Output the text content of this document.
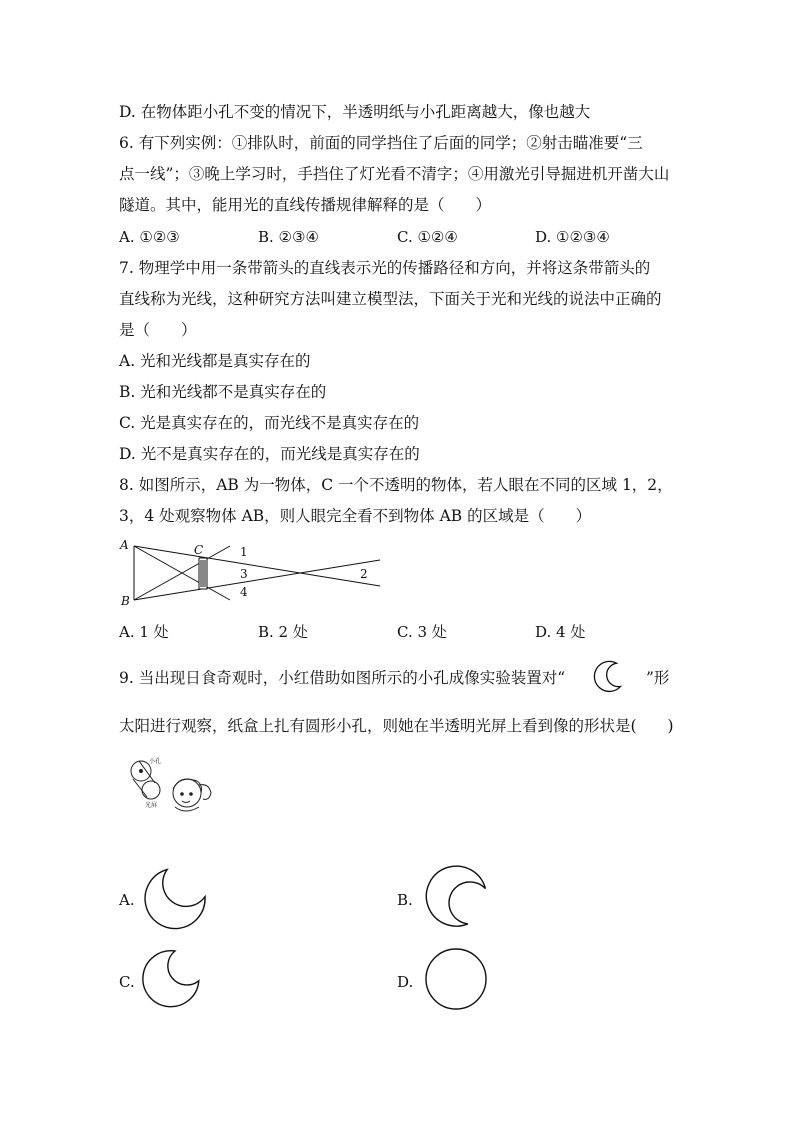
D. 在物体距小孔不变的情况下，半透明纸与小孔距离越大，像也越大
6. 有下列实例：①排队时，前面的同学挡住了后面的同学；②射击瞄准要“三
点一线”；③晚上学习时，手挡住了灯光看不清字；④用激光引导掘进机开凿大山
隧道。其中，能用光的直线传播规律解释的是（　　）
A. ①②③	B. ②③④	C. ①②④	D. ①②③④
7. 物理学中用一条带箭头的直线表示光的传播路径和方向，并将这条带箭头的
直线称为光线，这种研究方法叫建立模型法，下面关于光和光线的说法中正确的
是（　　）
A. 光和光线都是真实存在的
B. 光和光线都不是真实存在的
C. 光是真实存在的，而光线不是真实存在的
D. 光不是真实存在的，而光线是真实存在的
8. 如图所示，AB 为一物体，C 一个不透明的物体，若人眼在不同的区域 1，2，
3，4 处观察物体 AB，则人眼完全看不到物体 AB 的区域是（　　）
A
B
C	1
2
3
4
A. 1 处	B. 2 处	C. 3 处	D. 4 处
9. 当出现日食奇观时，小红借助如图所示的小孔成像实验装置对“	”形
太阳进行观察，纸盒上扎有圆形小孔，则她在半透明光屏上看到像的形状是(　　)
小孔
光屏
A.	B.
C.	D.
